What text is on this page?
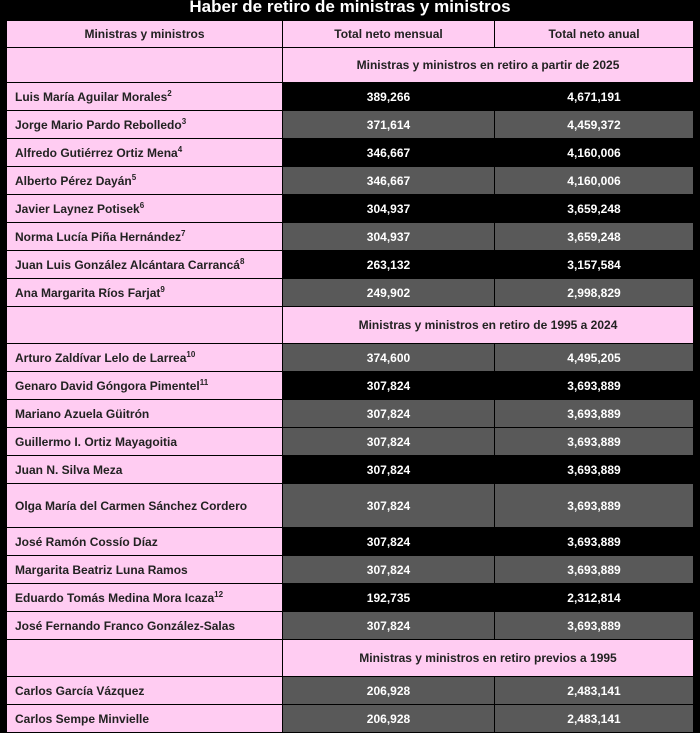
Haber de retiro de ministras y ministros
Ministras y ministros	Total neto mensual	Total neto anual
	Ministras y ministros en retiro a partir de 2025	
Luis María Aguilar Morales$^2$	389,266	4,671,191
Jorge Mario Pardo Rebolledo$^3$	371,614	4,459,372
Alfredo Gutiérrez Ortiz Mena$^4$	346,667	4,160,006
Alberto Pérez Dayán$^5$	346,667	4,160,006
Javier Laynez Potisek$^6$	304,937	3,659,248
Norma Lucía Piña Hernández$^7$	304,937	3,659,248
Juan Luis González Alcántara Carrancá$^8$	263,132	3,157,584
Ana Margarita Ríos Farjat$^9$	249,902	2,998,829
	Ministras y ministros en retiro de 1995 a 2024	
Arturo Zaldívar Lelo de Larrea$^{10}$	374,600	4,495,205
Genaro David Góngora Pimentel$^{11}$	307,824	3,693,889
Mariano Azuela Güitrón	307,824	3,693,889
Guillermo I. Ortiz Mayagoitia	307,824	3,693,889
Juan N. Silva Meza	307,824	3,693,889
Olga María del Carmen Sánchez Cordero	307,824	3,693,889
José Ramón Cossío Díaz	307,824	3,693,889
Margarita Beatriz Luna Ramos	307,824	3,693,889
Eduardo Tomás Medina Mora Icaza$^{12}$	192,735	2,312,814
José Fernando Franco González-Salas	307,824	3,693,889
	Ministras y ministros en retiro previos a 1995	
Carlos García Vázquez	206,928	2,483,141
Carlos Sempe Minvielle	206,928	2,483,141
